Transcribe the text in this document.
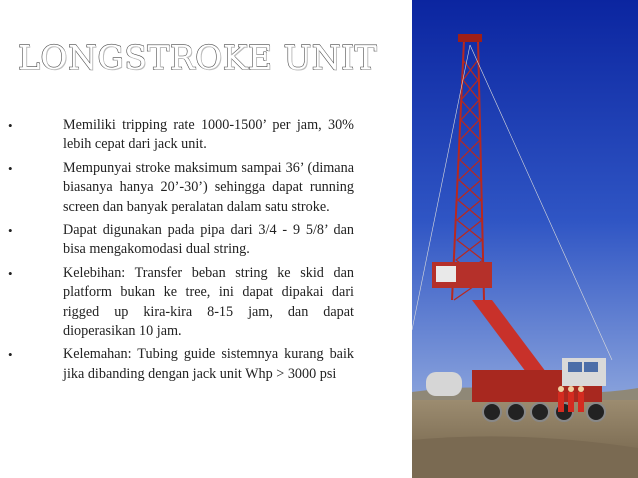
LONGSTROKE UNIT
•	Memiliki tripping rate 1000-1500’ per jam, 30% lebih cepat dari jack unit.
•	Mempunyai stroke maksimum sampai 36’ (dimana biasanya hanya 20’-30’) sehingga dapat running screen dan banyak peralatan dalam satu stroke.
•	Dapat digunakan pada pipa dari 3/4 - 9 5/8’ dan bisa mengakomodasi dual string.
•	Kelebihan: Transfer beban string ke skid dan platform bukan ke tree, ini dapat dipakai dari rigged up kira-kira 8-15 jam, dan dapat dioperasikan 10 jam.
•	Kelemahan: Tubing guide sistemnya kurang baik jika dibanding dengan jack unit Whp > 3000 psi
